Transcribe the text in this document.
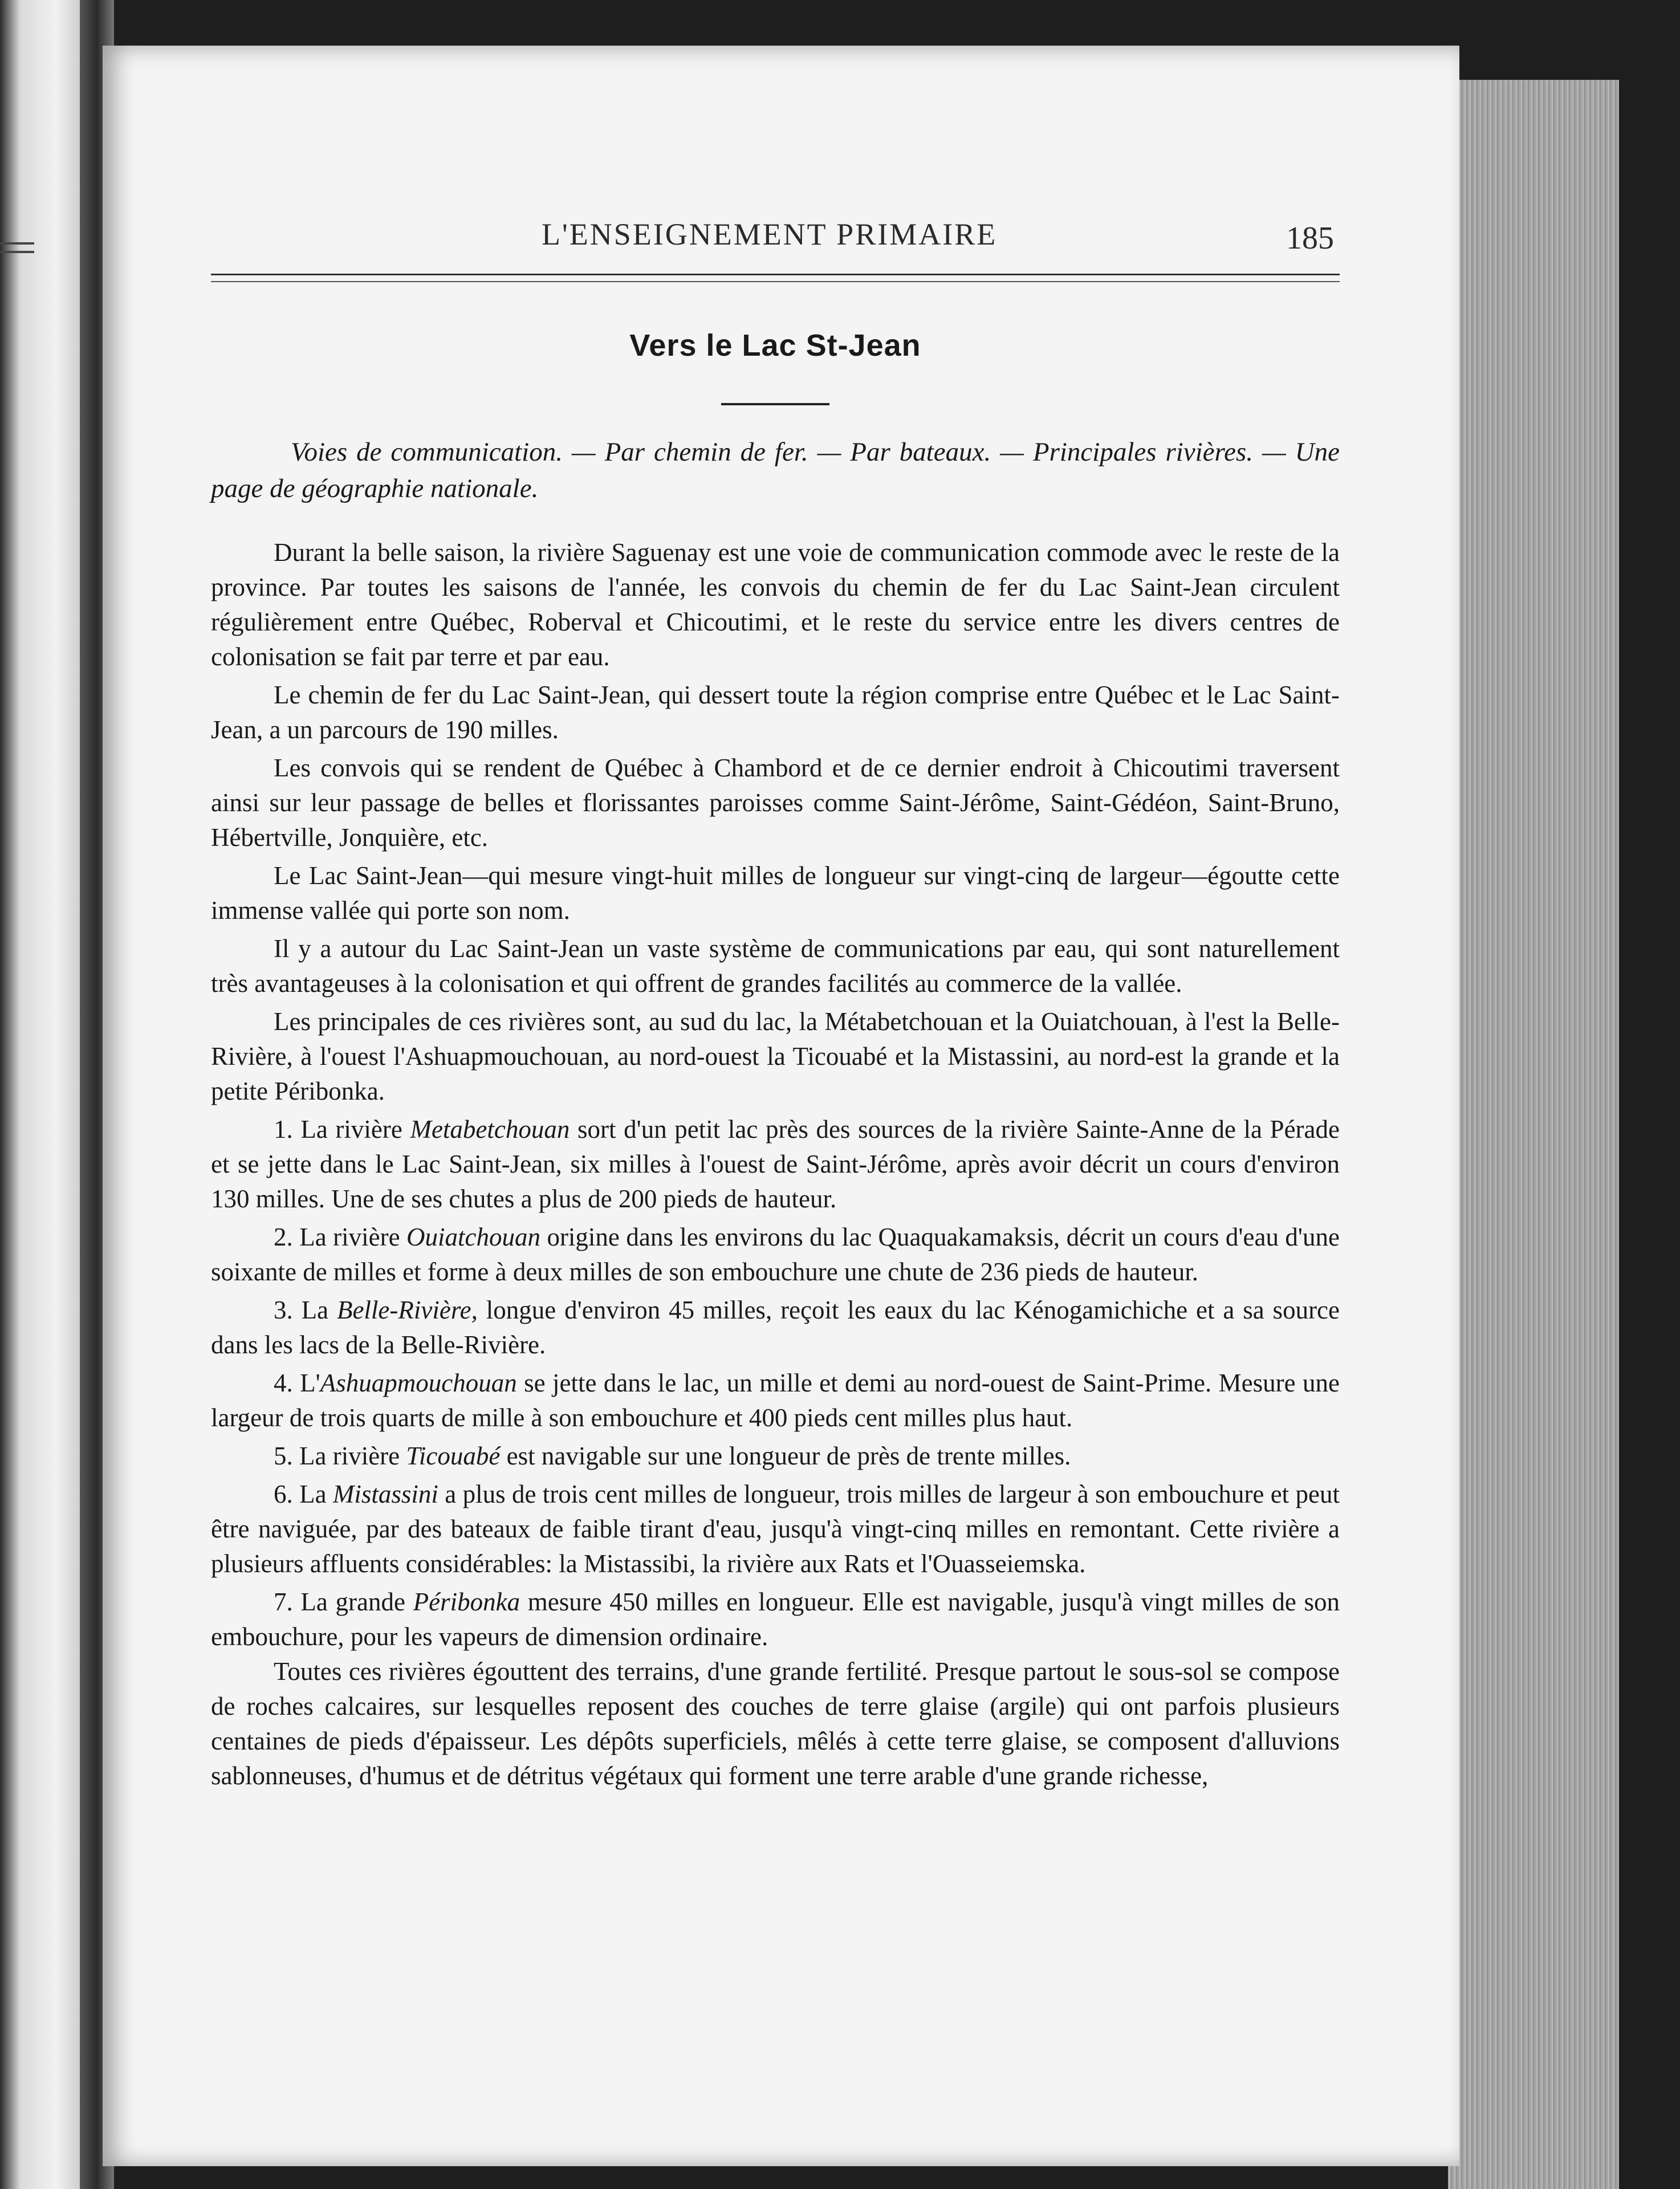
L'ENSEIGNEMENT PRIMAIRE	185
Vers le Lac St-Jean
Voies de communication. — Par chemin de fer. — Par bateaux. — Principales rivières. — Une page de géographie nationale.

Durant la belle saison, la rivière Saguenay est une voie de communication commode avec le reste de la province. Par toutes les saisons de l'année, les convois du chemin de fer du Lac Saint-Jean circulent régulièrement entre Québec, Roberval et Chicoutimi, et le reste du service entre les divers centres de colonisation se fait par terre et par eau.

Le chemin de fer du Lac Saint-Jean, qui dessert toute la région comprise entre Québec et le Lac Saint-Jean, a un parcours de 190 milles.

Les convois qui se rendent de Québec à Chambord et de ce dernier endroit à Chicoutimi traversent ainsi sur leur passage de belles et florissantes paroisses comme Saint-Jérôme, Saint-Gédéon, Saint-Bruno, Hébertville, Jonquière, etc.

Le Lac Saint-Jean—qui mesure vingt-huit milles de longueur sur vingt-cinq de largeur—égoutte cette immense vallée qui porte son nom.

Il y a autour du Lac Saint-Jean un vaste système de communications par eau, qui sont naturellement très avantageuses à la colonisation et qui offrent de grandes facilités au commerce de la vallée.

Les principales de ces rivières sont, au sud du lac, la Métabetchouan et la Ouiatchouan, à l'est la Belle-Rivière, à l'ouest l'Ashuapmouchouan, au nord-ouest la Ticouabé et la Mistassini, au nord-est la grande et la petite Péribonka.

1. La rivière Metabetchouan sort d'un petit lac près des sources de la rivière Sainte-Anne de la Pérade et se jette dans le Lac Saint-Jean, six milles à l'ouest de Saint-Jérôme, après avoir décrit un cours d'environ 130 milles. Une de ses chutes a plus de 200 pieds de hauteur.
2. La rivière Ouiatchouan origine dans les environs du lac Quaquakamaksis, décrit un cours d'eau d'une soixante de milles et forme à deux milles de son embouchure une chute de 236 pieds de hauteur.
3. La Belle-Rivière, longue d'environ 45 milles, reçoit les eaux du lac Kénogamichiche et a sa source dans les lacs de la Belle-Rivière.
4. L'Ashuapmouchouan se jette dans le lac, un mille et demi au nord-ouest de Saint-Prime. Mesure une largeur de trois quarts de mille à son embouchure et 400 pieds cent milles plus haut.
5. La rivière Ticouabé est navigable sur une longueur de près de trente milles.
6. La Mistassini a plus de trois cent milles de longueur, trois milles de largeur à son embouchure et peut être naviguée, par des bateaux de faible tirant d'eau, jusqu'à vingt-cinq milles en remontant. Cette rivière a plusieurs affluents considérables: la Mistassibi, la rivière aux Rats et l'Ouasseiemska.
7. La grande Péribonka mesure 450 milles en longueur. Elle est navigable, jusqu'à vingt milles de son embouchure, pour les vapeurs de dimension ordinaire.

Toutes ces rivières égouttent des terrains, d'une grande fertilité. Presque partout le sous-sol se compose de roches calcaires, sur lesquelles reposent des couches de terre glaise (argile) qui ont parfois plusieurs centaines de pieds d'épaisseur. Les dépôts superficiels, mêlés à cette terre glaise, se composent d'alluvions sablonneuses, d'humus et de détritus végétaux qui forment une terre arable d'une grande richesse,
